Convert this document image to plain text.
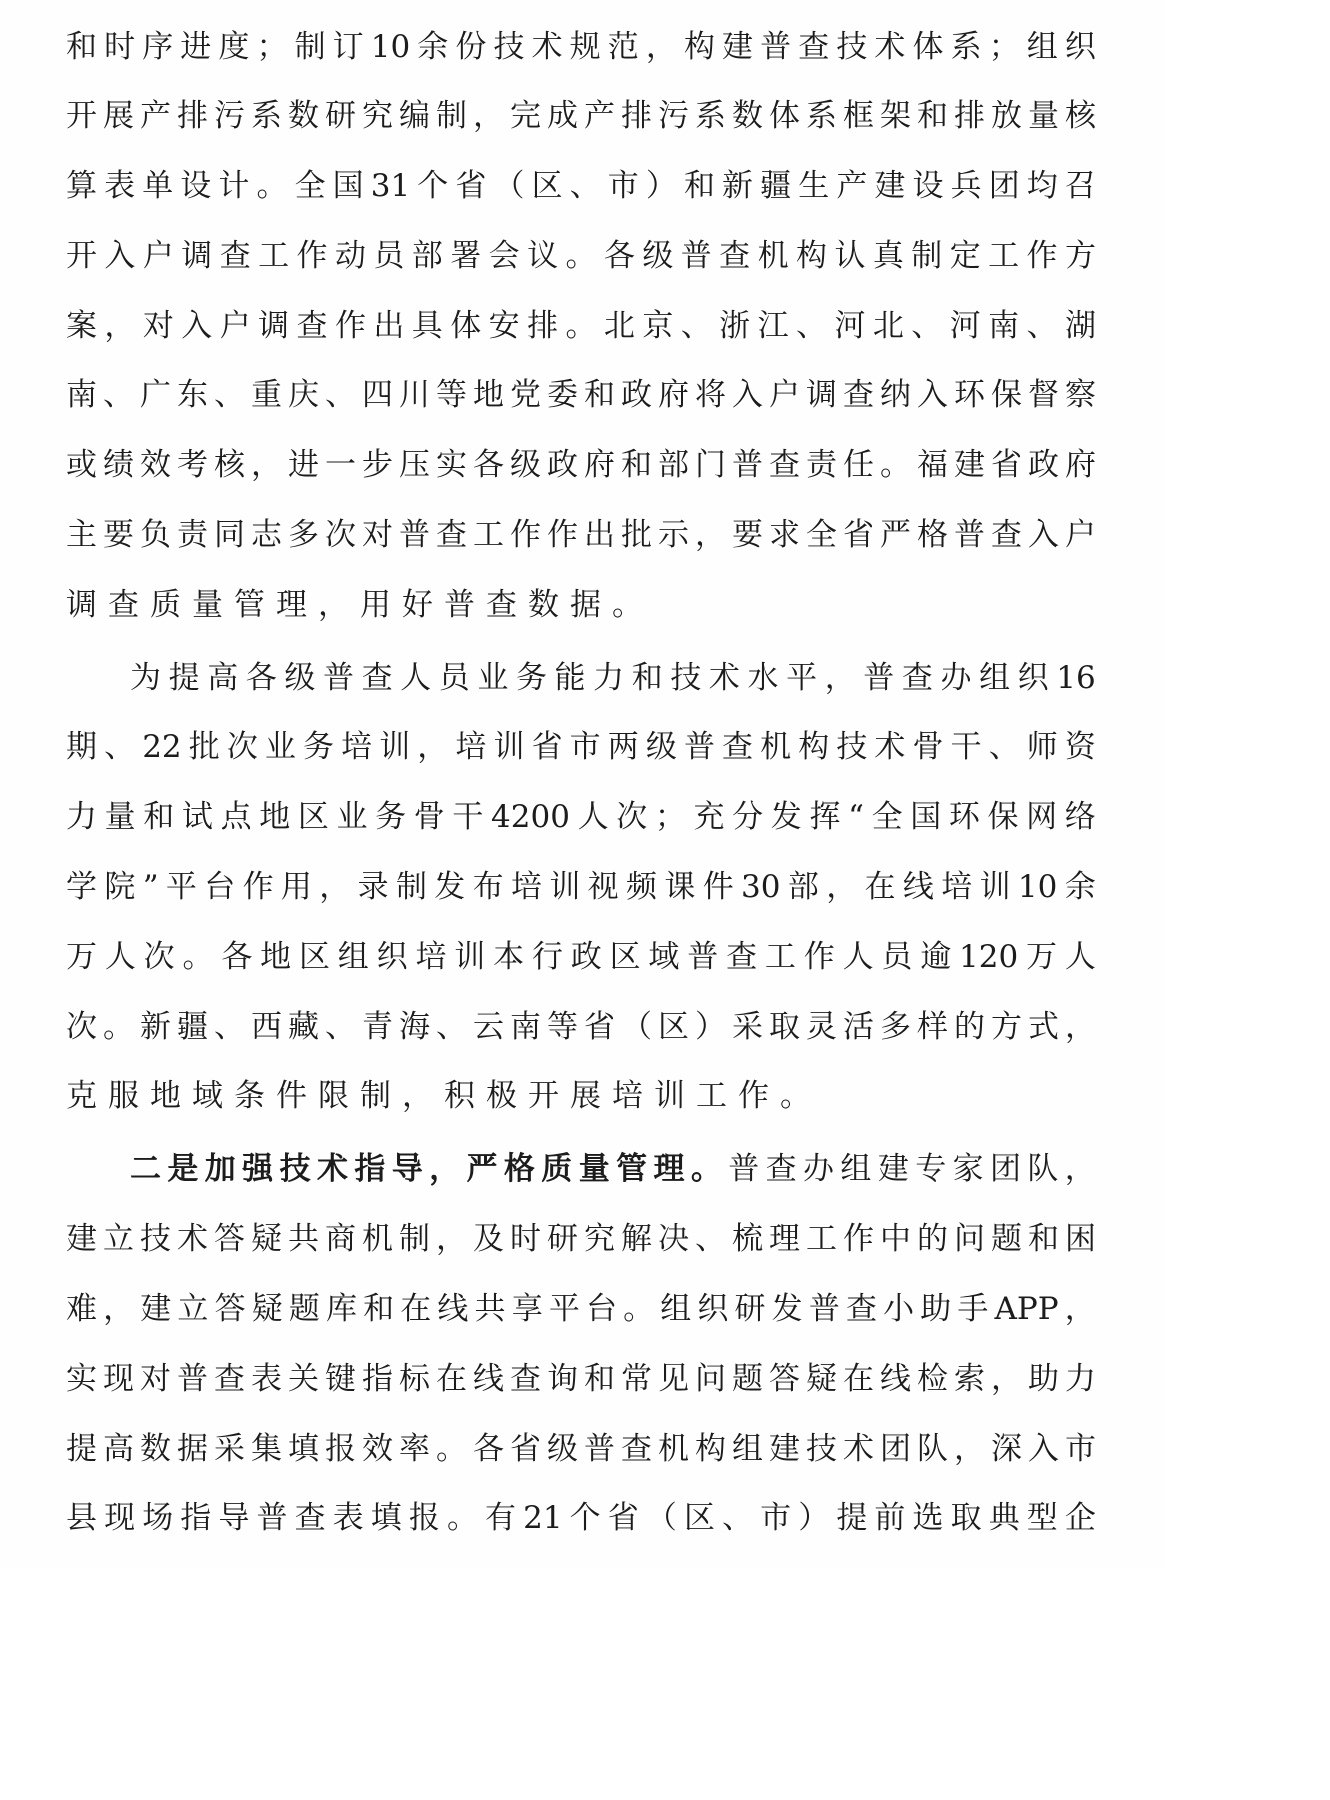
和 时 序 进 度 ； 制 订 10 余 份 技 术 规 范 ， 构 建 普 查 技 术 体 系 ； 组 织
开 展 产 排 污 系 数 研 究 编 制 ， 完 成 产 排 污 系 数 体 系 框 架 和 排 放 量 核
算 表 单 设 计 。 全 国 31 个 省 （ 区 、 市 ） 和 新 疆 生 产 建 设 兵 团 均 召
开 入 户 调 查 工 作 动 员 部 署 会 议 。 各 级 普 查 机 构 认 真 制 定 工 作 方
案 ， 对 入 户 调 查 作 出 具 体 安 排 。 北 京 、 浙 江 、 河 北 、 河 南 、 湖
南 、 广 东 、 重 庆 、 四 川 等 地 党 委 和 政 府 将 入 户 调 查 纳 入 环 保 督 察
或 绩 效 考 核 ， 进 一 步 压 实 各 级 政 府 和 部 门 普 查 责 任 。 福 建 省 政 府
主 要 负 责 同 志 多 次 对 普 查 工 作 作 出 批 示 ， 要 求 全 省 严 格 普 查 入 户
调 查 质 量 管 理 ， 用 好 普 查 数 据 。
为 提 高 各 级 普 查 人 员 业 务 能 力 和 技 术 水 平 ， 普 查 办 组 织 16
期 、 22 批 次 业 务 培 训 ， 培 训 省 市 两 级 普 查 机 构 技 术 骨 干 、 师 资
力 量 和 试 点 地 区 业 务 骨 干 4200 人 次 ； 充 分 发 挥 “ 全 国 环 保 网 络
学 院 ” 平 台 作 用 ， 录 制 发 布 培 训 视 频 课 件 30 部 ， 在 线 培 训 10 余
万 人 次 。 各 地 区 组 织 培 训 本 行 政 区 域 普 查 工 作 人 员 逾 120 万 人
次 。 新 疆 、 西 藏 、 青 海 、 云 南 等 省 （ 区 ） 采 取 灵 活 多 样 的 方 式 ，
克 服 地 域 条 件 限 制 ， 积 极 开 展 培 训 工 作 。
二 是 加 强 技 术 指 导 ， 严 格 质 量 管 理 。 普 查 办 组 建 专 家 团 队 ，
建 立 技 术 答 疑 共 商 机 制 ， 及 时 研 究 解 决 、 梳 理 工 作 中 的 问 题 和 困
难 ， 建 立 答 疑 题 库 和 在 线 共 享 平 台 。 组 织 研 发 普 查 小 助 手 APP ，
实 现 对 普 查 表 关 键 指 标 在 线 查 询 和 常 见 问 题 答 疑 在 线 检 索 ， 助 力
提 高 数 据 采 集 填 报 效 率 。 各 省 级 普 查 机 构 组 建 技 术 团 队 ， 深 入 市
县 现 场 指 导 普 查 表 填 报 。 有 21 个 省 （ 区 、 市 ） 提 前 选 取 典 型 企
